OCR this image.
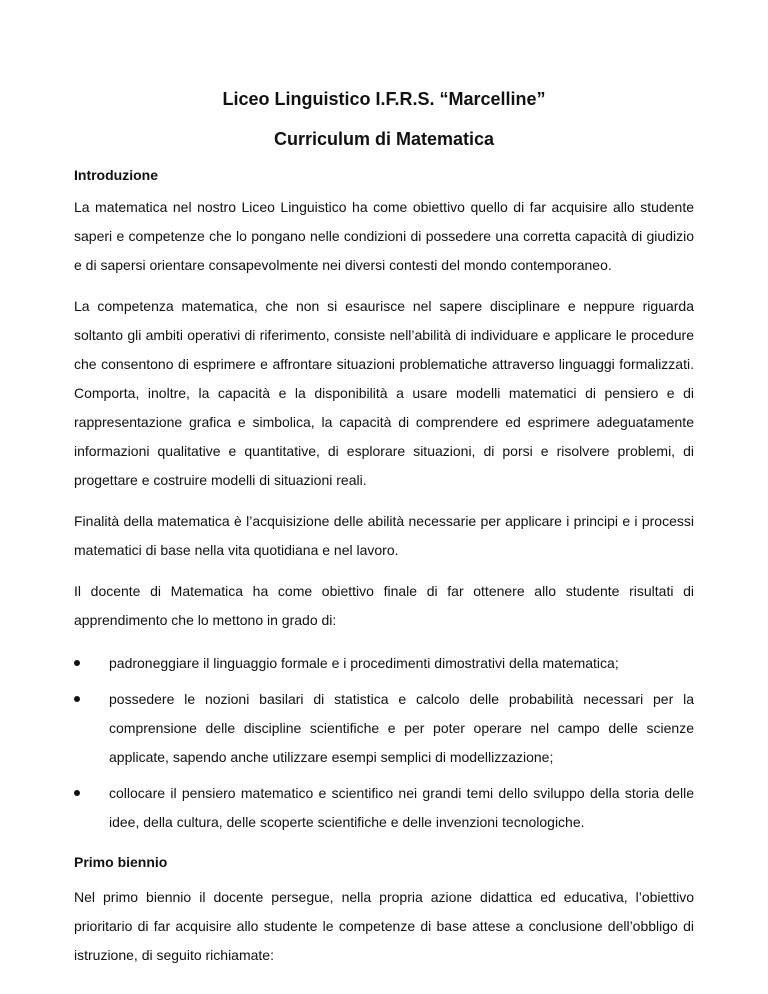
Liceo Linguistico I.F.R.S. “Marcelline”
Curriculum di Matematica
Introduzione

La matematica nel nostro Liceo Linguistico ha come obiettivo quello di far acquisire allo studente saperi e competenze che lo pongano nelle condizioni di possedere una corretta capacità di giudizio e di sapersi orientare consapevolmente nei diversi contesti del mondo contemporaneo.

La competenza matematica, che non si esaurisce nel sapere disciplinare e neppure riguarda soltanto gli ambiti operativi di riferimento, consiste nell’abilità di individuare e applicare le procedure che consentono di esprimere e affrontare situazioni problematiche attraverso linguaggi formalizzati. Comporta, inoltre, la capacità e la disponibilità a usare modelli matematici di pensiero e di rappresentazione grafica e simbolica, la capacità di comprendere ed esprimere adeguatamente informazioni qualitative e quantitative, di esplorare situazioni, di porsi e risolvere problemi, di progettare e costruire modelli di situazioni reali.

Finalità della matematica è l’acquisizione delle abilità necessarie per applicare i principi e i processi matematici di base nella vita quotidiana e nel lavoro.

Il docente di Matematica ha come obiettivo finale di far ottenere allo studente risultati di apprendimento che lo mettono in grado di:

padroneggiare il linguaggio formale e i procedimenti dimostrativi della matematica;
possedere le nozioni basilari di statistica e calcolo delle probabilità necessari per la comprensione delle discipline scientifiche e per poter operare nel campo delle scienze applicate, sapendo anche utilizzare esempi semplici di modellizzazione;
collocare il pensiero matematico e scientifico nei grandi temi dello sviluppo della storia delle idee, della cultura, delle scoperte scientifiche e delle invenzioni tecnologiche.
Primo biennio

Nel primo biennio il docente persegue, nella propria azione didattica ed educativa, l’obiettivo prioritario di far acquisire allo studente le competenze di base attese a conclusione dell’obbligo di istruzione, di seguito richiamate:
